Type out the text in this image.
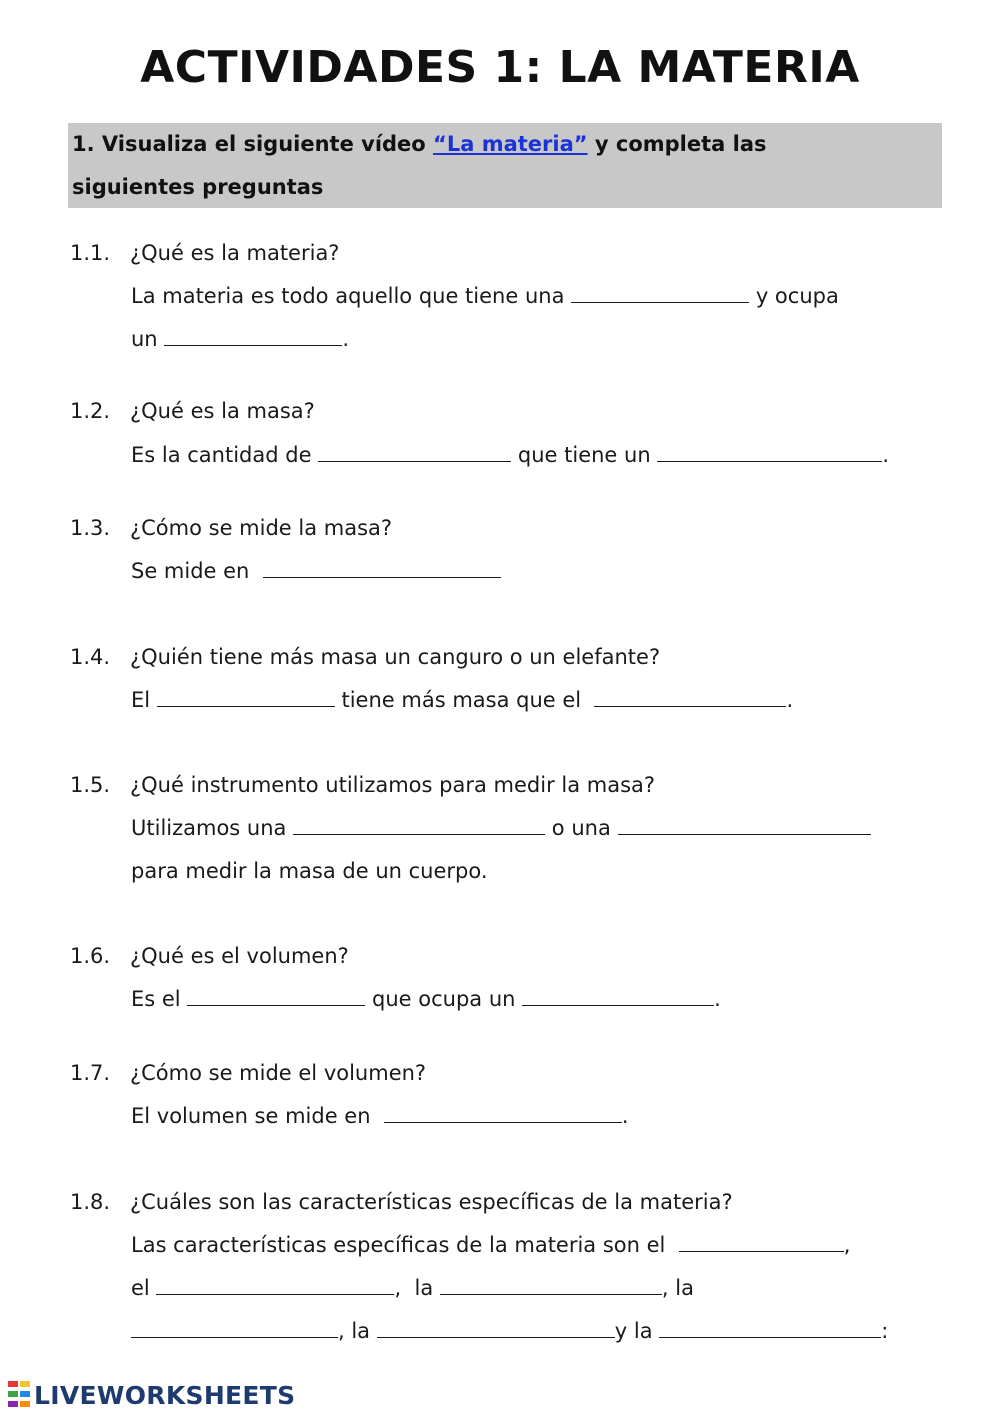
ACTIVIDADES 1: LA MATERIA
1. Visualiza el siguiente vídeo “La materia” y completa las
siguientes preguntas
1.1. ¿Qué es la materia?
La materia es todo aquello que tiene una	y ocupa
un	.
1.2. ¿Qué es la masa?
Es la cantidad de	que tiene un	.
1.3. ¿Cómo se mide la masa?
Se mide en
1.4. ¿Quién tiene más masa un canguro o un elefante?
El	tiene más masa que el	.
1.5. ¿Qué instrumento utilizamos para medir la masa?
Utilizamos una	o una
para medir la masa de un cuerpo.
1.6. ¿Qué es el volumen?
Es el	que ocupa un	.
1.7. ¿Cómo se mide el volumen?
El volumen se mide en	.
1.8. ¿Cuáles son las características específicas de la materia?
Las características específicas de la materia son el	,
el	, la	, la
, la	y la	:
LIVEWORKSHEETS
